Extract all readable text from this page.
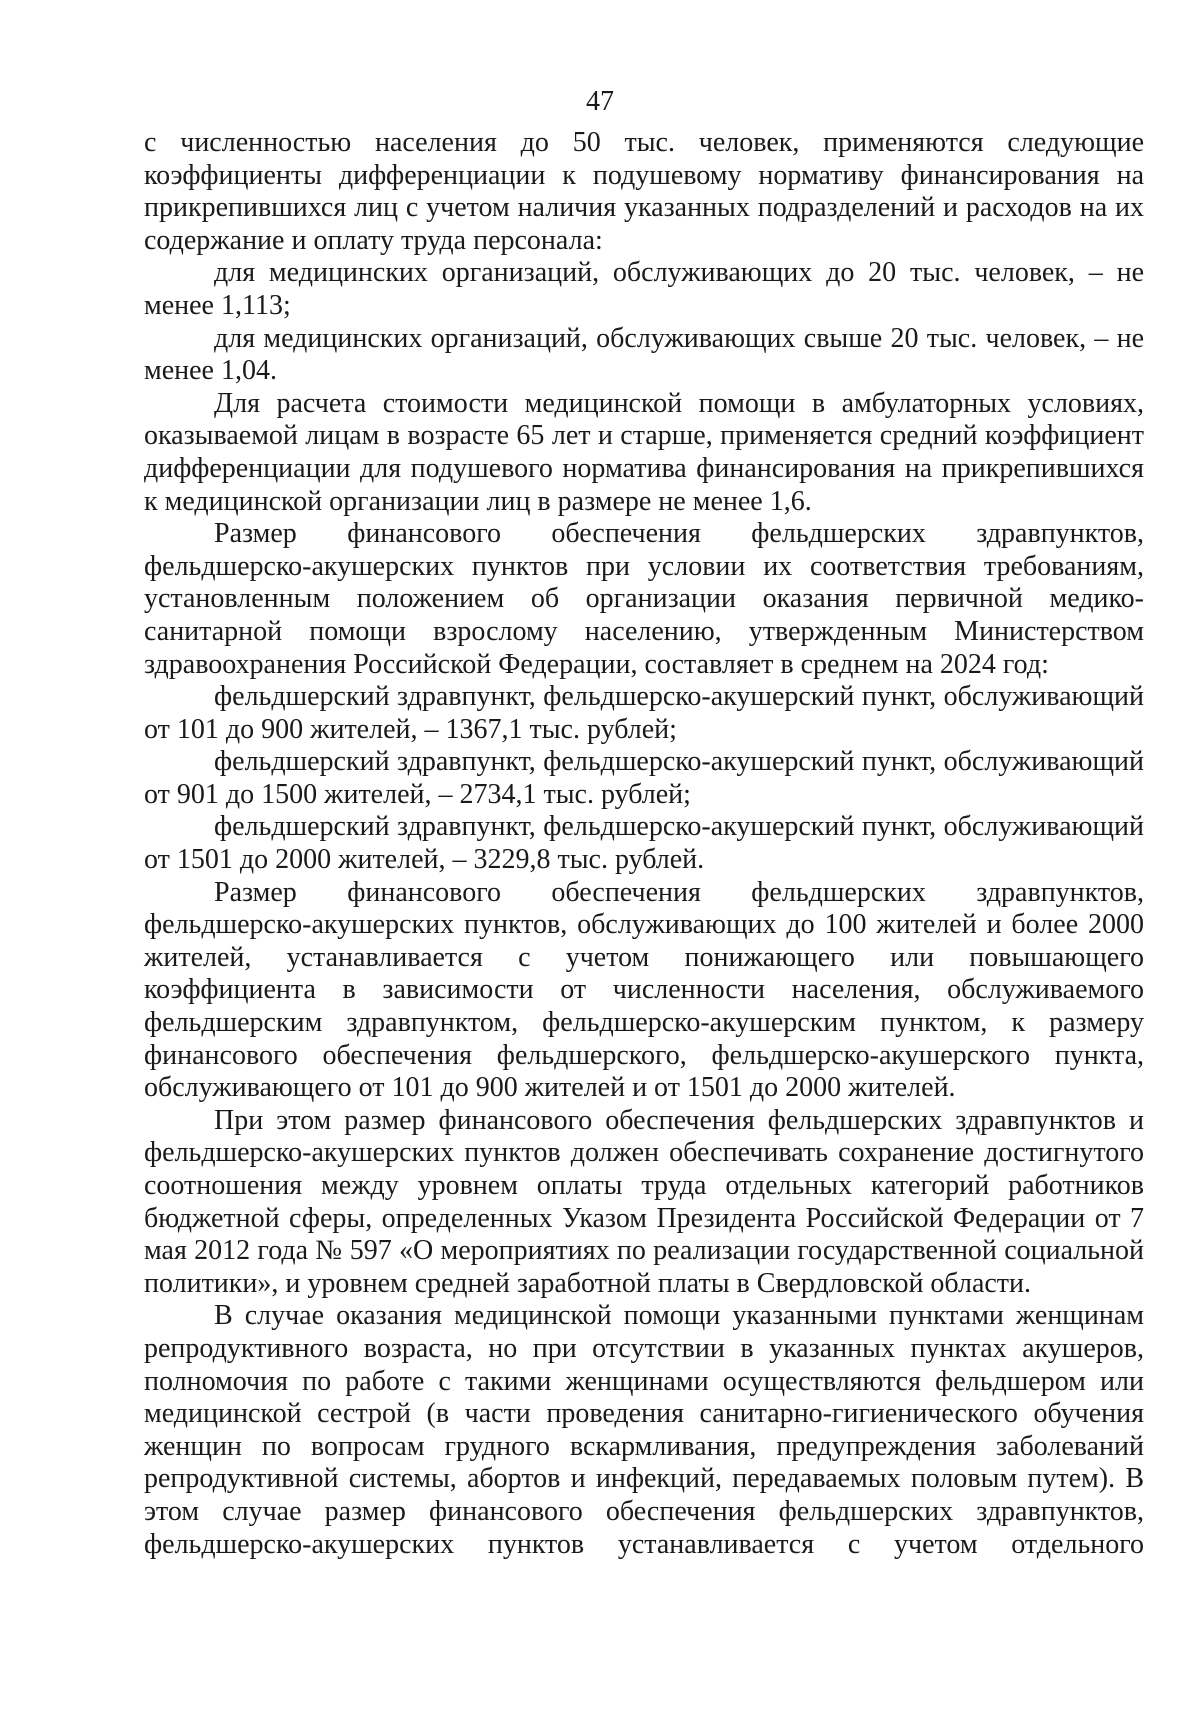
47

с численностью населения до 50 тыс. человек, применяются следующие коэффициенты дифференциации к подушевому нормативу финансирования на прикрепившихся лиц с учетом наличия указанных подразделений и расходов на их содержание и оплату труда персонала:

для медицинских организаций, обслуживающих до 20 тыс. человек, – не менее 1,113;

для медицинских организаций, обслуживающих свыше 20 тыс. человек, – не менее 1,04.

Для расчета стоимости медицинской помощи в амбулаторных условиях, оказываемой лицам в возрасте 65 лет и старше, применяется средний коэффициент дифференциации для подушевого норматива финансирования на прикрепившихся к медицинской организации лиц в размере не менее 1,6.

Размер финансового обеспечения фельдшерских здравпунктов, фельдшерско-акушерских пунктов при условии их соответствия требованиям, установленным положением об организации оказания первичной медико-санитарной помощи взрослому населению, утвержденным Министерством здравоохранения Российской Федерации, составляет в среднем на 2024 год:

фельдшерский здравпункт, фельдшерско-акушерский пункт, обслуживающий от 101 до 900 жителей, – 1367,1 тыс. рублей;

фельдшерский здравпункт, фельдшерско-акушерский пункт, обслуживающий от 901 до 1500 жителей, – 2734,1 тыс. рублей;

фельдшерский здравпункт, фельдшерско-акушерский пункт, обслуживающий от 1501 до 2000 жителей, – 3229,8 тыс. рублей.

Размер финансового обеспечения фельдшерских здравпунктов, фельдшерско-акушерских пунктов, обслуживающих до 100 жителей и более 2000 жителей, устанавливается с учетом понижающего или повышающего коэффициента в зависимости от численности населения, обслуживаемого фельдшерским здравпунктом, фельдшерско-акушерским пунктом, к размеру финансового обеспечения фельдшерского, фельдшерско-акушерского пункта, обслуживающего от 101 до 900 жителей и от 1501 до 2000 жителей.

При этом размер финансового обеспечения фельдшерских здравпунктов и фельдшерско-акушерских пунктов должен обеспечивать сохранение достигнутого соотношения между уровнем оплаты труда отдельных категорий работников бюджетной сферы, определенных Указом Президента Российской Федерации от 7 мая 2012 года № 597 «О мероприятиях по реализации государственной социальной политики», и уровнем средней заработной платы в Свердловской области.

В случае оказания медицинской помощи указанными пунктами женщинам репродуктивного возраста, но при отсутствии в указанных пунктах акушеров, полномочия по работе с такими женщинами осуществляются фельдшером или медицинской сестрой (в части проведения санитарно-гигиенического обучения женщин по вопросам грудного вскармливания, предупреждения заболеваний репродуктивной системы, абортов и инфекций, передаваемых половым путем). В этом случае размер финансового обеспечения фельдшерских здравпунктов, фельдшерско-акушерских пунктов устанавливается с учетом отдельного
